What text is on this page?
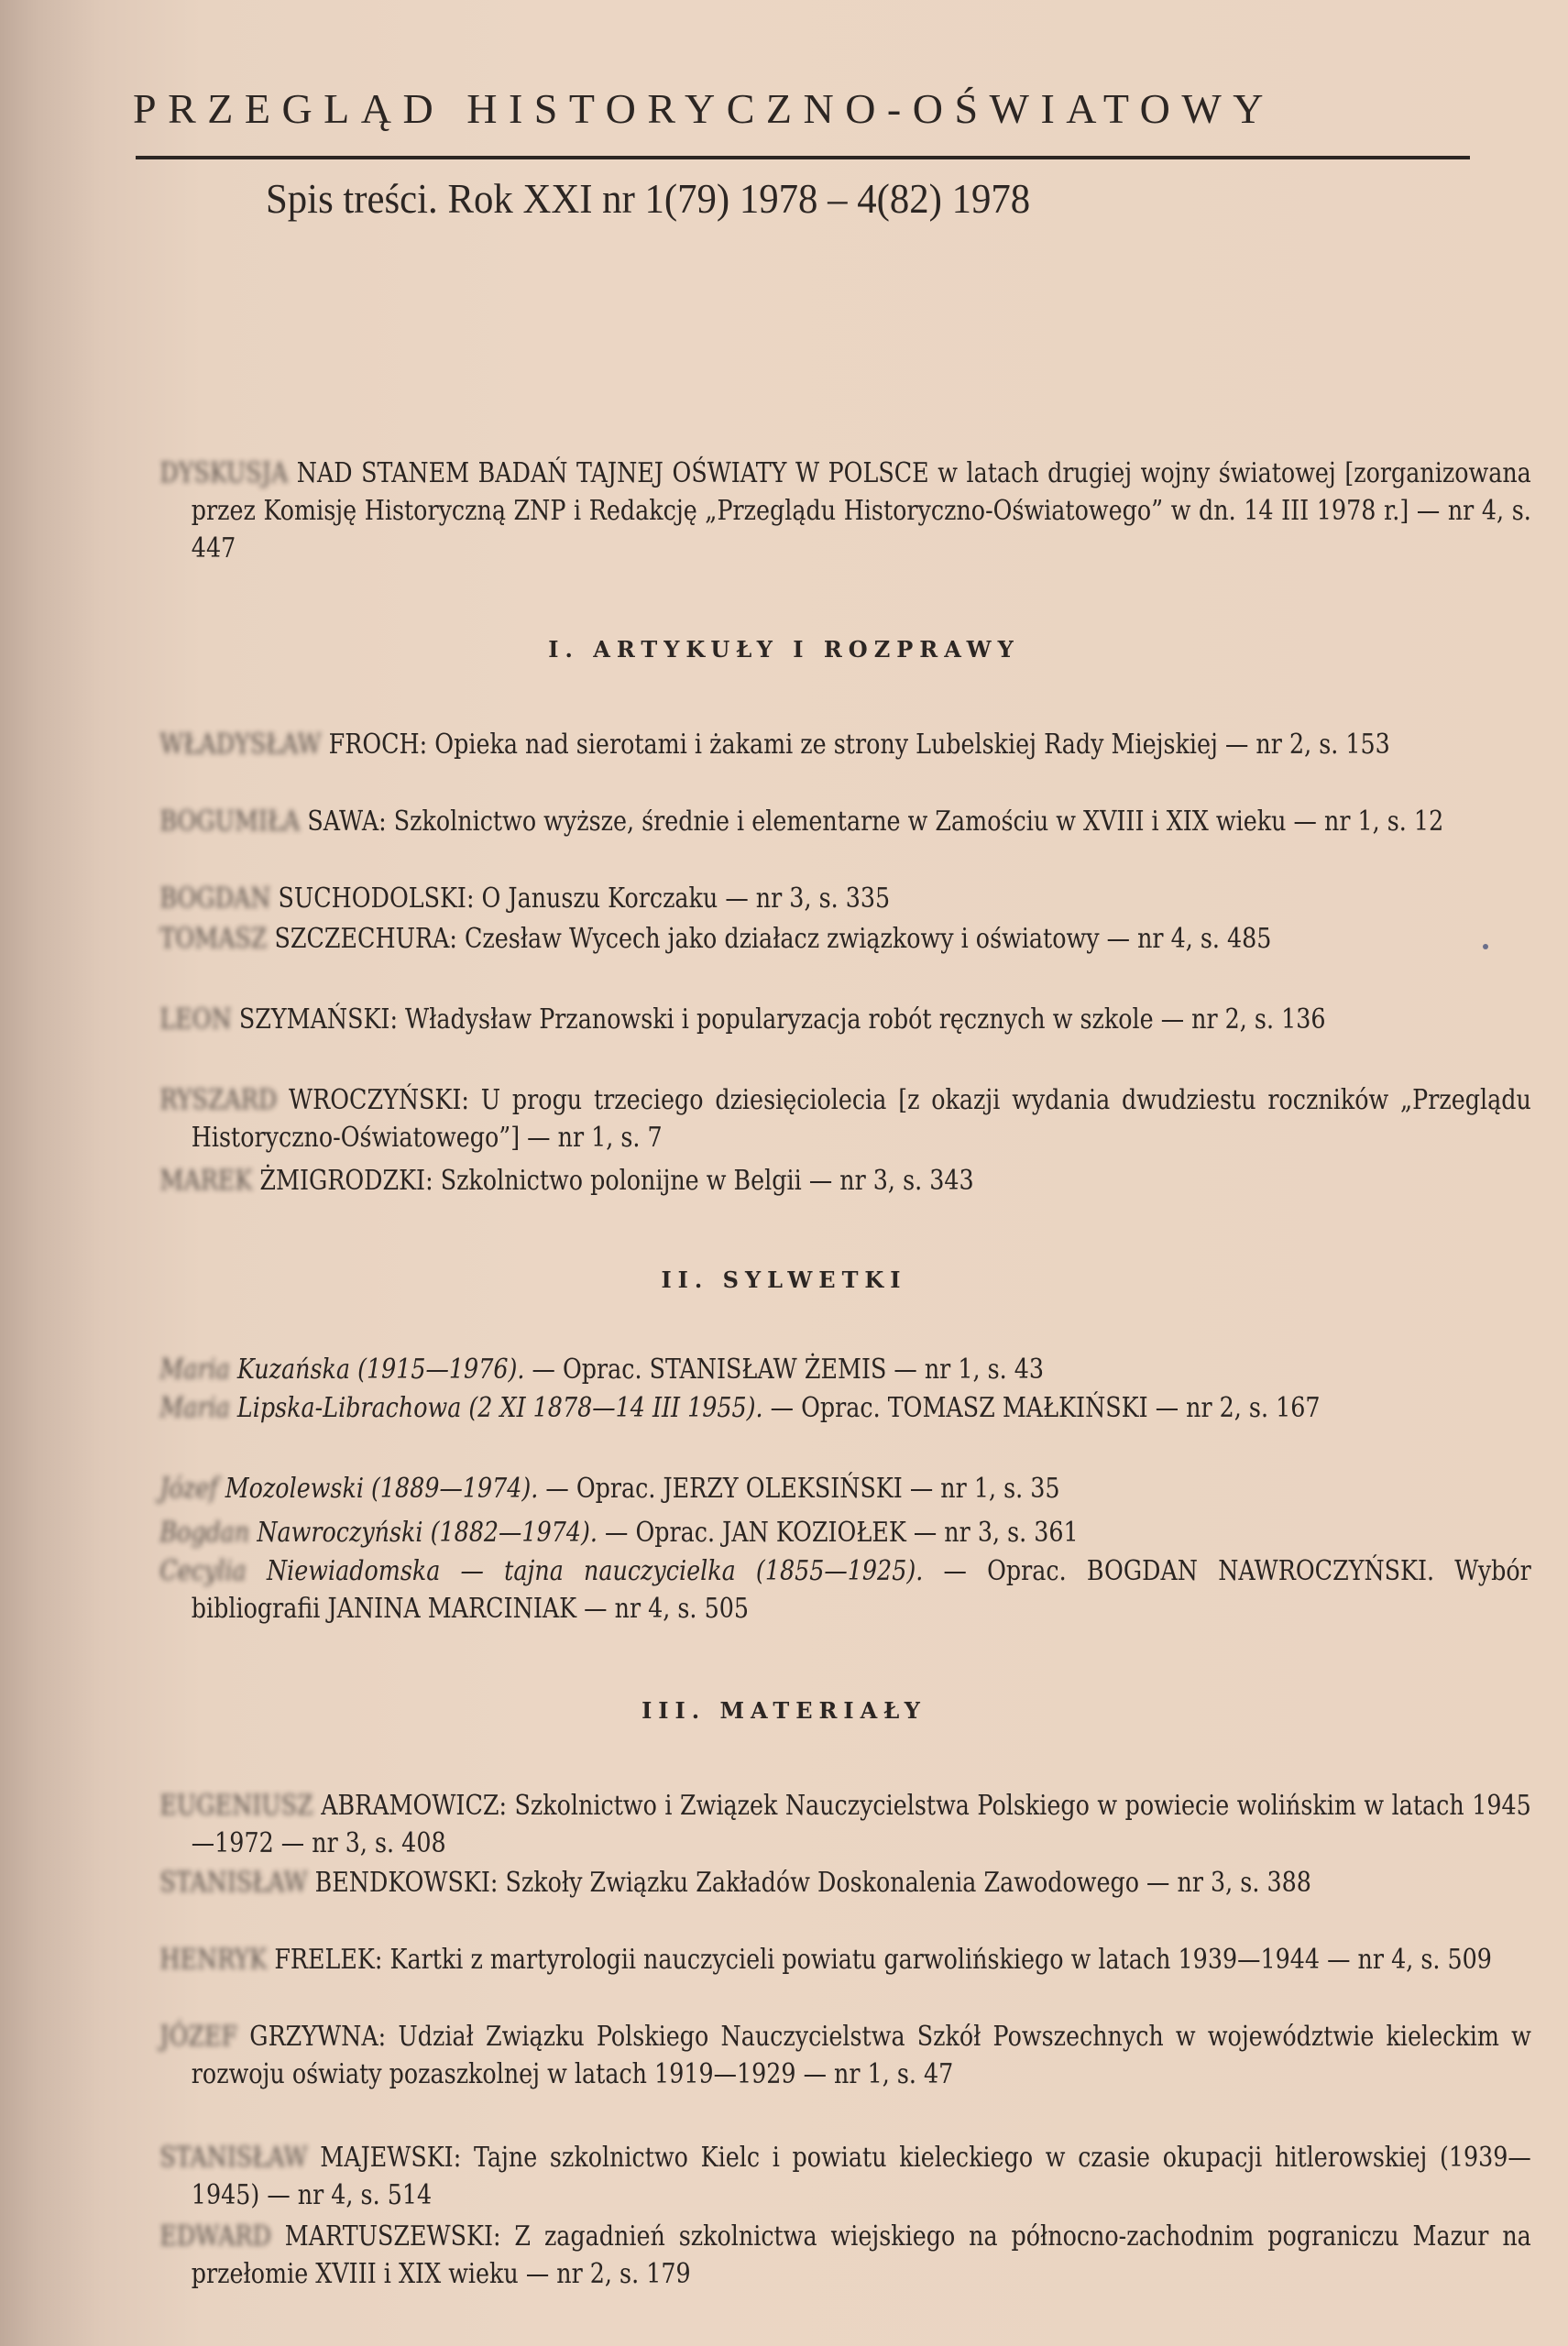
PRZEGLĄD HISTORYCZNO-OŚWIATOWY
Spis treści. Rok XXI nr 1(79) 1978 – 4(82) 1978
DYSKUSJA NAD STANEM BADAŃ TAJNEJ OŚWIATY W POLSCE w latach drugiej wojny światowej [zorganizowana przez Komisję Historyczną ZNP i Redakcję „Przeglądu Historyczno-Oświatowego” w dn. 14 III 1978 r.] — nr 4, s. 447
I. ARTYKUŁY I ROZPRAWY
WŁADYSŁAW FROCH: Opieka nad sierotami i żakami ze strony Lubelskiej Rady Miejskiej — nr 2, s. 153
BOGUMIŁA SAWA: Szkolnictwo wyższe, średnie i elementarne w Zamościu w XVIII i XIX wieku — nr 1, s. 12
BOGDAN SUCHODOLSKI: O Januszu Korczaku — nr 3, s. 335
TOMASZ SZCZECHURA: Czesław Wycech jako działacz związkowy i oświatowy — nr 4, s. 485
LEON SZYMAŃSKI: Władysław Przanowski i popularyzacja robót ręcznych w szkole — nr 2, s. 136
RYSZARD WROCZYŃSKI: U progu trzeciego dziesięciolecia [z okazji wydania dwudziestu roczników „Przeglądu Historyczno-Oświatowego”] — nr 1, s. 7
MAREK ŻMIGRODZKI: Szkolnictwo polonijne w Belgii — nr 3, s. 343
II. SYLWETKI
Maria Kuzańska (1915—1976). — Oprac. STANISŁAW ŻEMIS — nr 1, s. 43
Maria Lipska-Librachowa (2 XI 1878—14 III 1955). — Oprac. TOMASZ MAŁKIŃSKI — nr 2, s. 167
Józef Mozolewski (1889—1974). — Oprac. JERZY OLEKSIŃSKI — nr 1, s. 35
Bogdan Nawroczyński (1882—1974). — Oprac. JAN KOZIOŁEK — nr 3, s. 361
Cecylia Niewiadomska — tajna nauczycielka (1855—1925). — Oprac. BOGDAN NAWROCZYŃSKI. Wybór bibliografii JANINA MARCINIAK — nr 4, s. 505
III. MATERIAŁY
EUGENIUSZ ABRAMOWICZ: Szkolnictwo i Związek Nauczycielstwa Polskiego w powiecie wolińskim w latach 1945—1972 — nr 3, s. 408
STANISŁAW BENDKOWSKI: Szkoły Związku Zakładów Doskonalenia Zawodowego — nr 3, s. 388
HENRYK FRELEK: Kartki z martyrologii nauczycieli powiatu garwolińskiego w latach 1939—1944 — nr 4, s. 509
JÓZEF GRZYWNA: Udział Związku Polskiego Nauczycielstwa Szkół Powszechnych w województwie kieleckim w rozwoju oświaty pozaszkolnej w latach 1919—1929 — nr 1, s. 47
STANISŁAW MAJEWSKI: Tajne szkolnictwo Kielc i powiatu kieleckiego w czasie okupacji hitlerowskiej (1939—1945) — nr 4, s. 514
EDWARD MARTUSZEWSKI: Z zagadnień szkolnictwa wiejskiego na północno-zachodnim pograniczu Mazur na przełomie XVIII i XIX wieku — nr 2, s. 179
